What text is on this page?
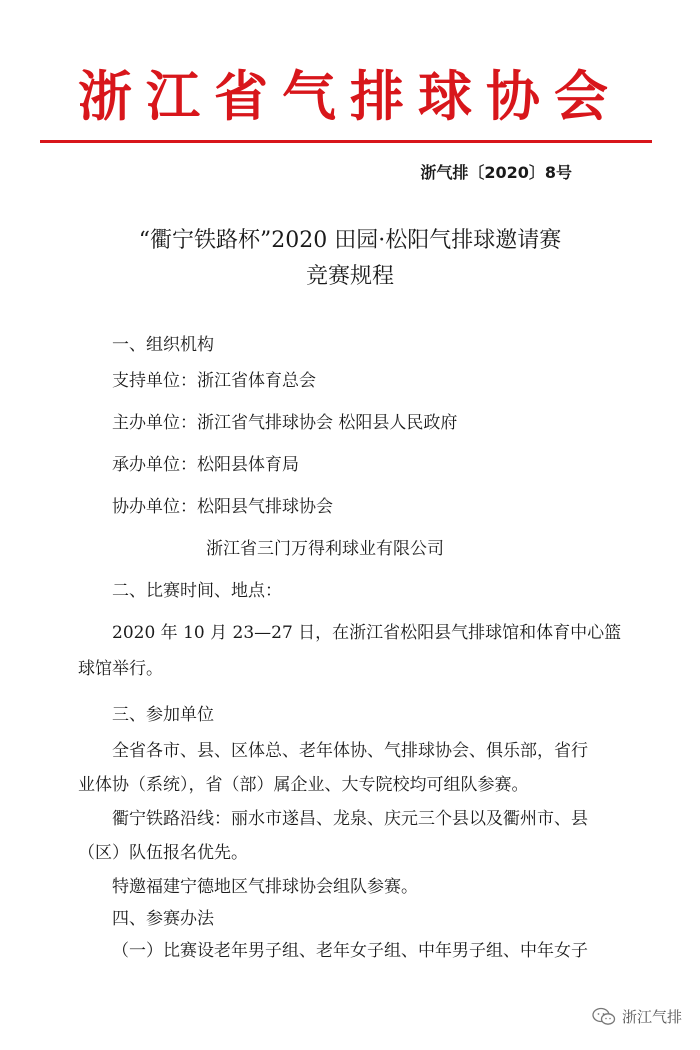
浙江省气排球协会
浙气排〔2020〕8号
“衢宁铁路杯”2020 田园·松阳气排球邀请赛
竞赛规程
一、组织机构
支持单位：浙江省体育总会
主办单位：浙江省气排球协会 松阳县人民政府
承办单位：松阳县体育局
协办单位：松阳县气排球协会
浙江省三门万得利球业有限公司
二、比赛时间、地点：
2020 年 10 月 23—27 日，在浙江省松阳县气排球馆和体育中心篮
球馆举行。
三、参加单位
全省各市、县、区体总、老年体协、气排球协会、俱乐部，省行
业体协（系统），省（部）属企业、大专院校均可组队参赛。
衢宁铁路沿线：丽水市遂昌、龙泉、庆元三个县以及衢州市、县
（区）队伍报名优先。
特邀福建宁德地区气排球协会组队参赛。
四、参赛办法
（一）比赛设老年男子组、老年女子组、中年男子组、中年女子
浙江气排
